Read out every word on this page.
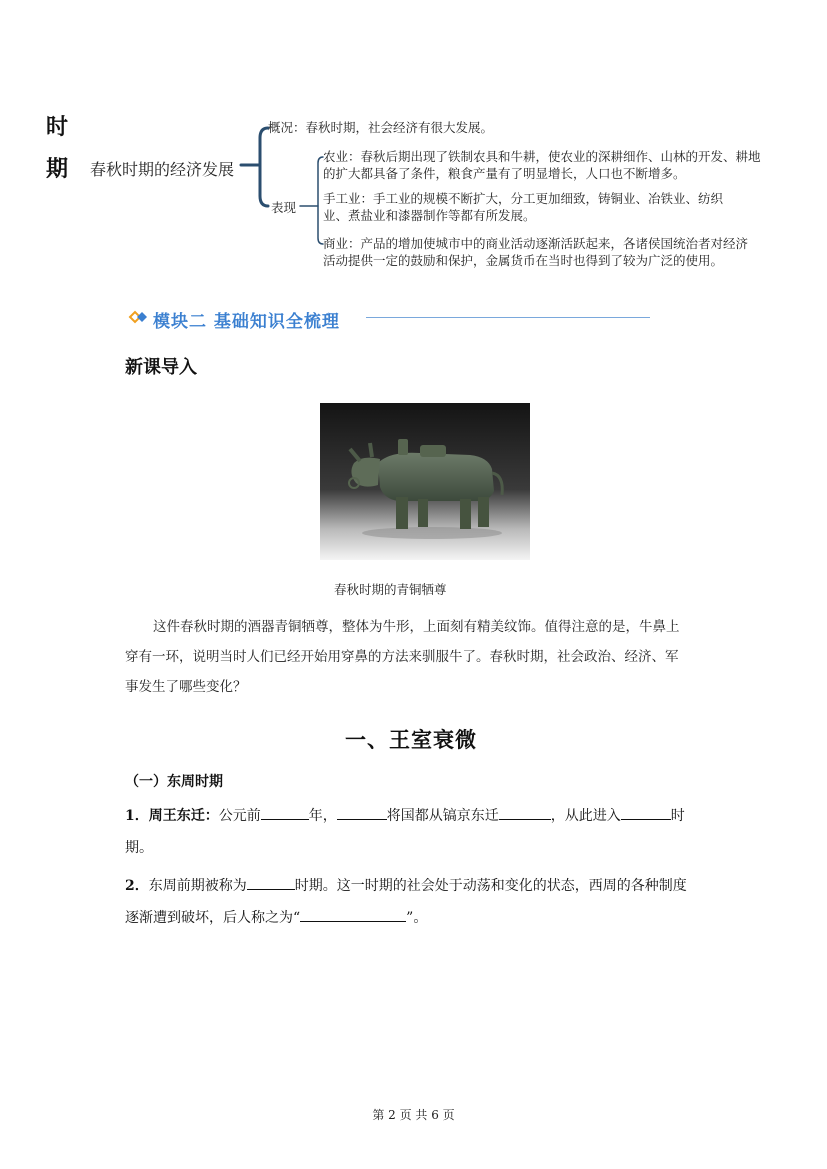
时
期 春秋时期的经济发展
概况：春秋时期，社会经济有很大发展。
表现
农业：春秋后期出现了铁制农具和牛耕，使农业的深耕细作、山林的开发、耕地
的扩大都具备了条件，粮食产量有了明显增长，人口也不断增多。
手工业：手工业的规模不断扩大，分工更加细致，铸铜业、冶铁业、纺织
业、煮盐业和漆器制作等都有所发展。
商业：产品的增加使城市中的商业活动逐渐活跃起来，各诸侯国统治者对经济
活动提供一定的鼓励和保护，金属货币在当时也得到了较为广泛的使用。
模块二 基础知识全梳理
新课导入
春秋时期的青铜牺尊
这件春秋时期的酒器青铜牺尊，整体为牛形，上面刻有精美纹饰。值得注意的是，牛鼻上
穿有一环，说明当时人们已经开始用穿鼻的方法来驯服牛了。春秋时期，社会政治、经济、军
事发生了哪些变化？
一、王室衰微
（一）东周时期
1．周王东迁：公元前	年，	将国都从镐京东迁	，从此进入	时
期。
2．东周前期被称为	时期。这一时期的社会处于动荡和变化的状态，西周的各种制度
逐渐遭到破坏，后人称之为“	”。
第 2 页 共 6 页
